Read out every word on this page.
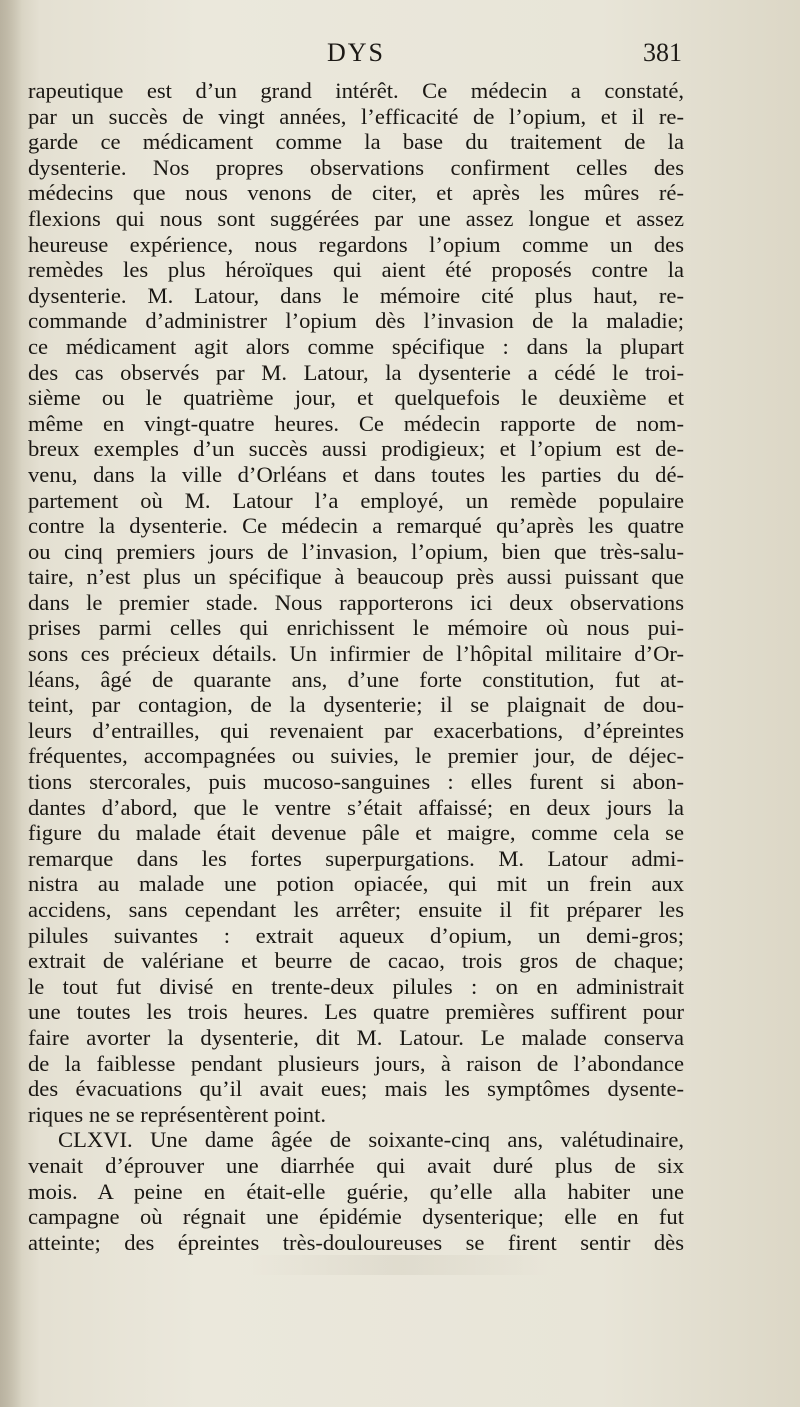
DYS	381
rapeutique est d’un grand intérêt. Ce médecin a constaté,
par un succès de vingt années, l’efficacité de l’opium, et il re-
garde ce médicament comme la base du traitement de la
dysenterie. Nos propres observations confirment celles des
médecins que nous venons de citer, et après les mûres ré-
flexions qui nous sont suggérées par une assez longue et assez
heureuse expérience, nous regardons l’opium comme un des
remèdes les plus héroïques qui aient été proposés contre la
dysenterie. M. Latour, dans le mémoire cité plus haut, re-
commande d’administrer l’opium dès l’invasion de la maladie;
ce médicament agit alors comme spécifique : dans la plupart
des cas observés par M. Latour, la dysenterie a cédé le troi-
sième ou le quatrième jour, et quelquefois le deuxième et
même en vingt-quatre heures. Ce médecin rapporte de nom-
breux exemples d’un succès aussi prodigieux; et l’opium est de-
venu, dans la ville d’Orléans et dans toutes les parties du dé-
partement où M. Latour l’a employé, un remède populaire
contre la dysenterie. Ce médecin a remarqué qu’après les quatre
ou cinq premiers jours de l’invasion, l’opium, bien que très-salu-
taire, n’est plus un spécifique à beaucoup près aussi puissant que
dans le premier stade. Nous rapporterons ici deux observations
prises parmi celles qui enrichissent le mémoire où nous pui-
sons ces précieux détails. Un infirmier de l’hôpital militaire d’Or-
léans, âgé de quarante ans, d’une forte constitution, fut at-
teint, par contagion, de la dysenterie; il se plaignait de dou-
leurs d’entrailles, qui revenaient par exacerbations, d’épreintes
fréquentes, accompagnées ou suivies, le premier jour, de déjec-
tions stercorales, puis mucoso-sanguines : elles furent si abon-
dantes d’abord, que le ventre s’était affaissé; en deux jours la
figure du malade était devenue pâle et maigre, comme cela se
remarque dans les fortes superpurgations. M. Latour admi-
nistra au malade une potion opiacée, qui mit un frein aux
accidens, sans cependant les arrêter; ensuite il fit préparer les
pilules suivantes : extrait aqueux d’opium, un demi-gros;
extrait de valériane et beurre de cacao, trois gros de chaque;
le tout fut divisé en trente-deux pilules : on en administrait
une toutes les trois heures. Les quatre premières suffirent pour
faire avorter la dysenterie, dit M. Latour. Le malade conserva
de la faiblesse pendant plusieurs jours, à raison de l’abondance
des évacuations qu’il avait eues; mais les symptômes dysente-
riques ne se représentèrent point.
CLXVI. Une dame âgée de soixante-cinq ans, valétudinaire,
venait d’éprouver une diarrhée qui avait duré plus de six
mois. A peine en était-elle guérie, qu’elle alla habiter une
campagne où régnait une épidémie dysenterique; elle en fut
atteinte; des épreintes très-douloureuses se firent sentir dès
